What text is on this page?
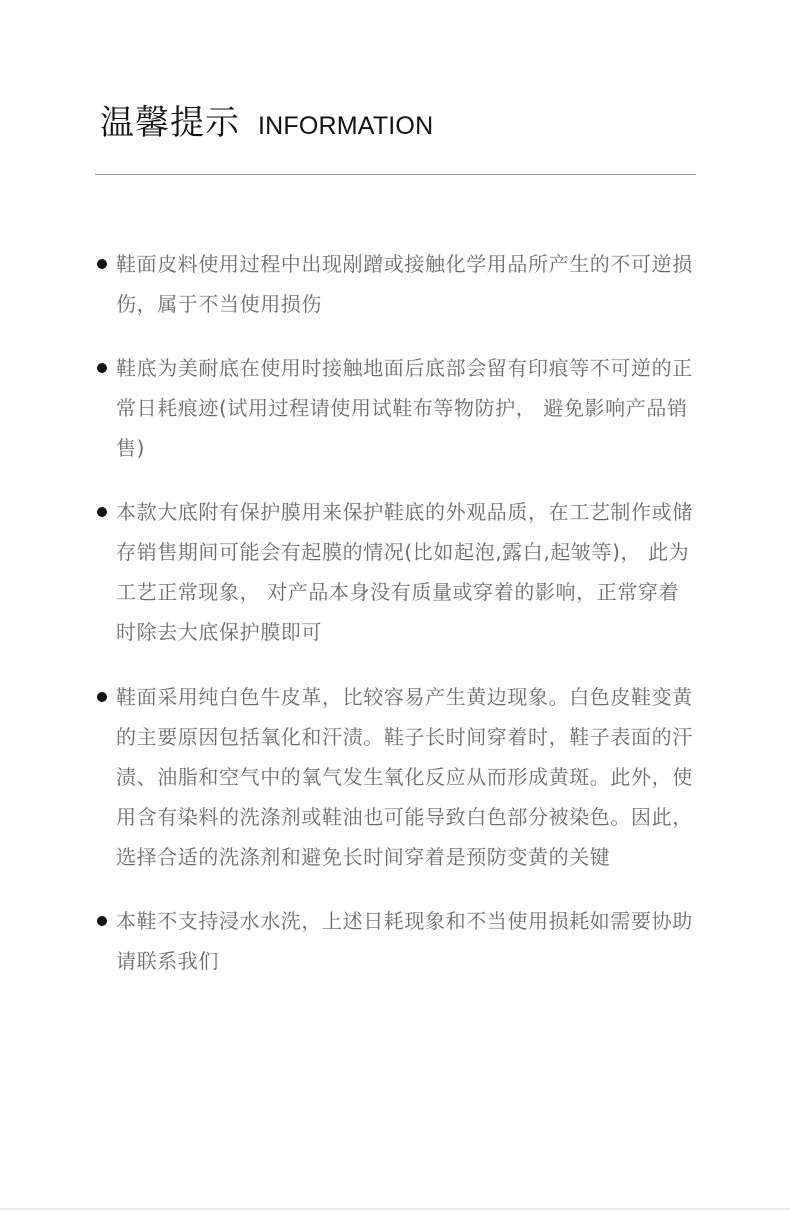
温馨提示 INFORMATION
鞋面皮料使用过程中出现剐蹭或接触化学用品所产生的不可逆损伤，属于不当使用损伤
鞋底为美耐底在使用时接触地面后底部会留有印痕等不可逆的正常日耗痕迹(试用过程请使用试鞋布等物防护， 避免影响产品销售)
本款大底附有保护膜用来保护鞋底的外观品质，在工艺制作或储存销售期间可能会有起膜的情况(比如起泡,露白,起皱等)， 此为工艺正常现象， 对产品本身没有质量或穿着的影响，正常穿着时除去大底保护膜即可
鞋面采用纯白色牛皮革，比较容易产生黄边现象。白色皮鞋变黄的主要原因包括氧化和汗渍。鞋子长时间穿着时，鞋子表面的汗渍、油脂和空气中的氧气发生氧化反应从而形成黄斑。此外，使用含有染料的洗涤剂或鞋油也可能导致白色部分被染色。因此，选择合适的洗涤剂和避免长时间穿着是预防变黄的关键
本鞋不支持浸水水洗，上述日耗现象和不当使用损耗如需要协助请联系我们
